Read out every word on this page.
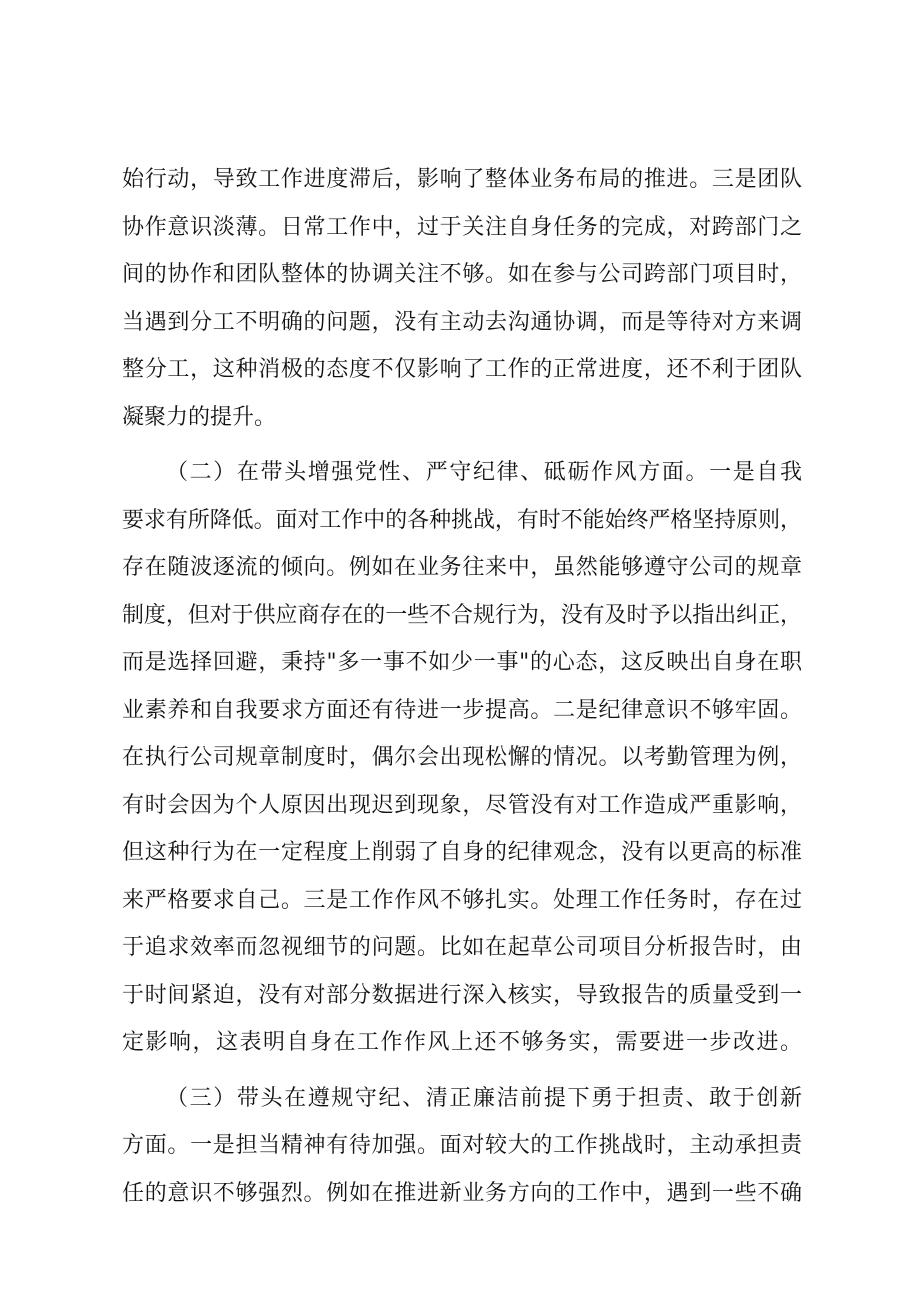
始行动，导致工作进度滞后，影响了整体业务布局的推进。三是团队
协作意识淡薄。日常工作中，过于关注自身任务的完成，对跨部门之
间的协作和团队整体的协调关注不够。如在参与公司跨部门项目时，
当遇到分工不明确的问题，没有主动去沟通协调，而是等待对方来调
整分工，这种消极的态度不仅影响了工作的正常进度，还不利于团队
凝聚力的提升。
（二）在带头增强党性、严守纪律、砥砺作风方面。一是自我
要求有所降低。面对工作中的各种挑战，有时不能始终严格坚持原则，
存在随波逐流的倾向。例如在业务往来中，虽然能够遵守公司的规章
制度，但对于供应商存在的一些不合规行为，没有及时予以指出纠正，
而是选择回避，秉持"多一事不如少一事"的心态，这反映出自身在职
业素养和自我要求方面还有待进一步提高。二是纪律意识不够牢固。
在执行公司规章制度时，偶尔会出现松懈的情况。以考勤管理为例，
有时会因为个人原因出现迟到现象，尽管没有对工作造成严重影响，
但这种行为在一定程度上削弱了自身的纪律观念，没有以更高的标准
来严格要求自己。三是工作作风不够扎实。处理工作任务时，存在过
于追求效率而忽视细节的问题。比如在起草公司项目分析报告时，由
于时间紧迫，没有对部分数据进行深入核实，导致报告的质量受到一
定影响，这表明自身在工作作风上还不够务实，需要进一步改进。
（三）带头在遵规守纪、清正廉洁前提下勇于担责、敢于创新
方面。一是担当精神有待加强。面对较大的工作挑战时，主动承担责
任的意识不够强烈。例如在推进新业务方向的工作中，遇到一些不确
